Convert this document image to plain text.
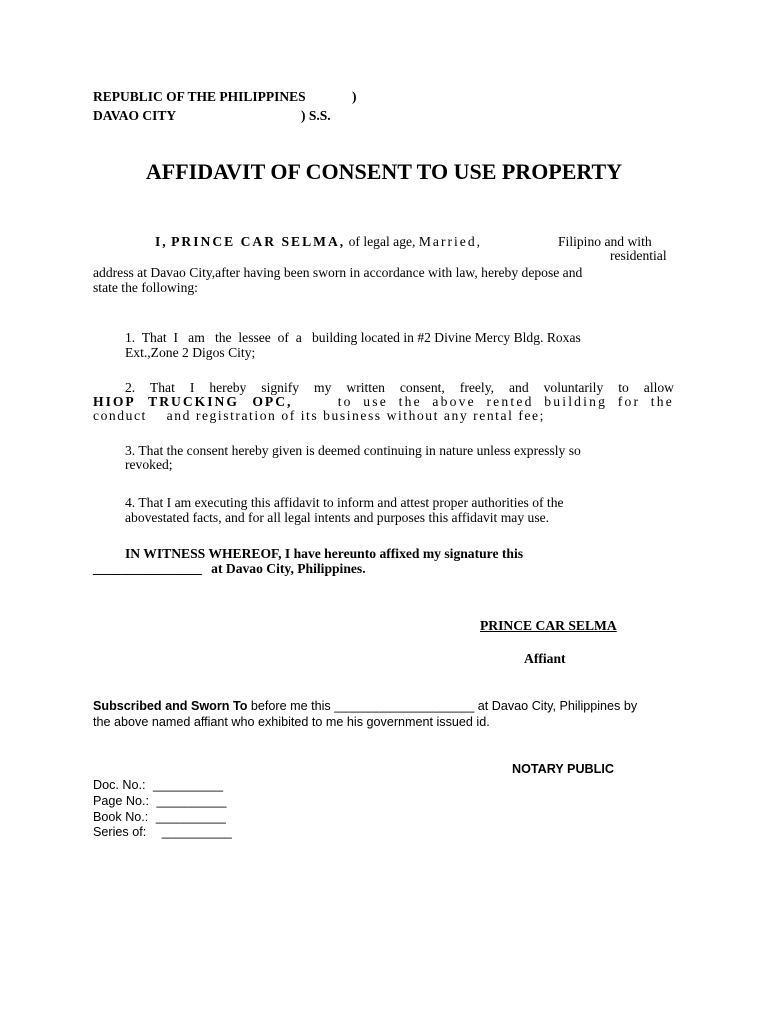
REPUBLIC OF THE PHILIPPINES	)
DAVAO CITY	) S.S.
AFFIDAVIT OF CONSENT TO USE PROPERTY
I, PRINCE CAR SELMA, of legal age, Married,	Filipino and with
residential
address at Davao City,after having been sworn in accordance with law, hereby depose and
state the following:
1.  That  I   am   the  lessee  of  a   building located in #2 Divine Mercy Bldg. Roxas
Ext.,Zone 2 Digos City;
2. That I hereby signify my written consent, freely, and voluntarily to allow
HIOP TRUCKING OPC,	to use the above rented building for the
conduct    and registration of its business without any rental fee;
3. That the consent hereby given is deemed continuing in nature unless expressly so
revoked;
4. That I am executing this affidavit to inform and attest proper authorities of the
abovestated facts, and for all legal intents and purposes this affidavit may use.
IN WITNESS WHEREOF, I have hereunto affixed my signature this
________________ at Davao City, Philippines.
PRINCE CAR SELMA
Affiant
Subscribed and Sworn To before me this ____________________ at Davao City, Philippines by
the above named affiant who exhibited to me his government issued id.
NOTARY PUBLIC
Doc. No.: __________
Page No.: __________
Book No.: __________
Series of: __________
